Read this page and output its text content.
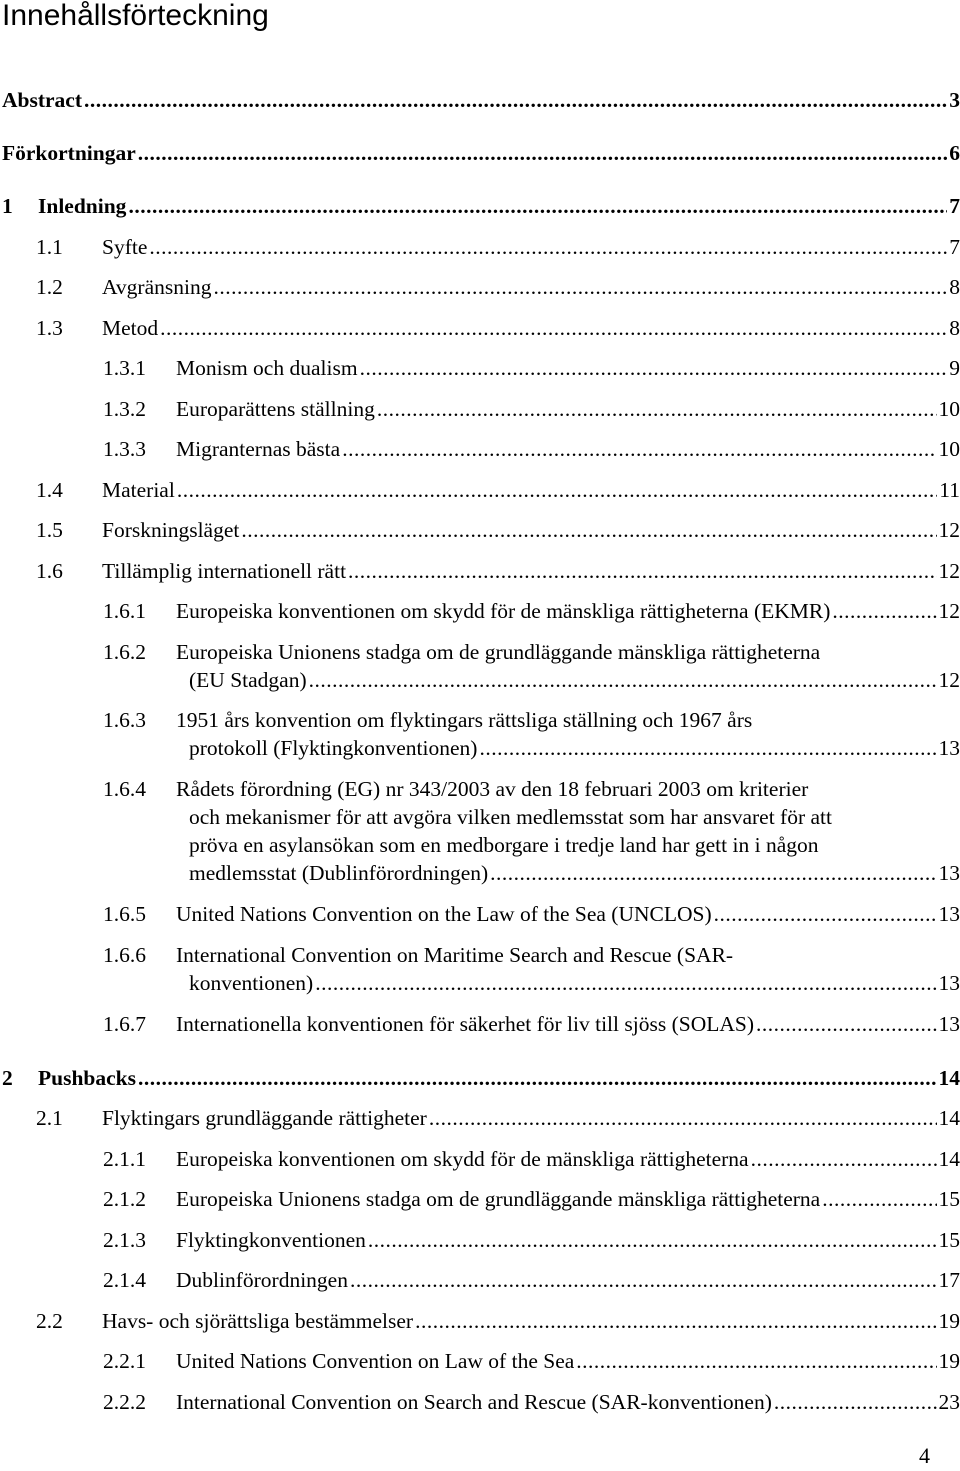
Innehållsförteckning
Abstract .....	3
Förkortningar .....	6
1 Inledning .....	7
1.1 Syfte .....	7
1.2 Avgränsning .....	8
1.3 Metod .....	8
1.3.1 Monism och dualism .....	9
1.3.2 Europarättens ställning .....	10
1.3.3 Migranternas bästa .....	10
1.4 Material .....	11
1.5 Forskningsläget .....	12
1.6 Tillämplig internationell rätt .....	12
1.6.1 Europeiska konventionen om skydd för de mänskliga rättigheterna (EKMR) .....	12
1.6.2 Europeiska Unionens stadga om de grundläggande mänskliga rättigheterna
(EU Stadgan) .....	12
1.6.3 1951 års konvention om flyktingars rättsliga ställning och 1967 års
protokoll (Flyktingkonventionen) .....	13
1.6.4 Rådets förordning (EG) nr 343/2003 av den 18 februari 2003 om kriterier
och mekanismer för att avgöra vilken medlemsstat som har ansvaret för att
pröva en asylansökan som en medborgare i tredje land har gett in i någon
medlemsstat (Dublinförordningen) .....	13
1.6.5 United Nations Convention on the Law of the Sea (UNCLOS) .....	13
1.6.6 International Convention on Maritime Search and Rescue (SAR-
konventionen) .....	13
1.6.7 Internationella konventionen för säkerhet för liv till sjöss (SOLAS) .....	13
2 Pushbacks .....	14
2.1 Flyktingars grundläggande rättigheter .....	14
2.1.1 Europeiska konventionen om skydd för de mänskliga rättigheterna .....	14
2.1.2 Europeiska Unionens stadga om de grundläggande mänskliga rättigheterna .....	15
2.1.3 Flyktingkonventionen .....	15
2.1.4 Dublinförordningen .....	17
2.2 Havs- och sjörättsliga bestämmelser .....	19
2.2.1 United Nations Convention on Law of the Sea .....	19
2.2.2 International Convention on Search and Rescue (SAR-konventionen) .....	23
4
